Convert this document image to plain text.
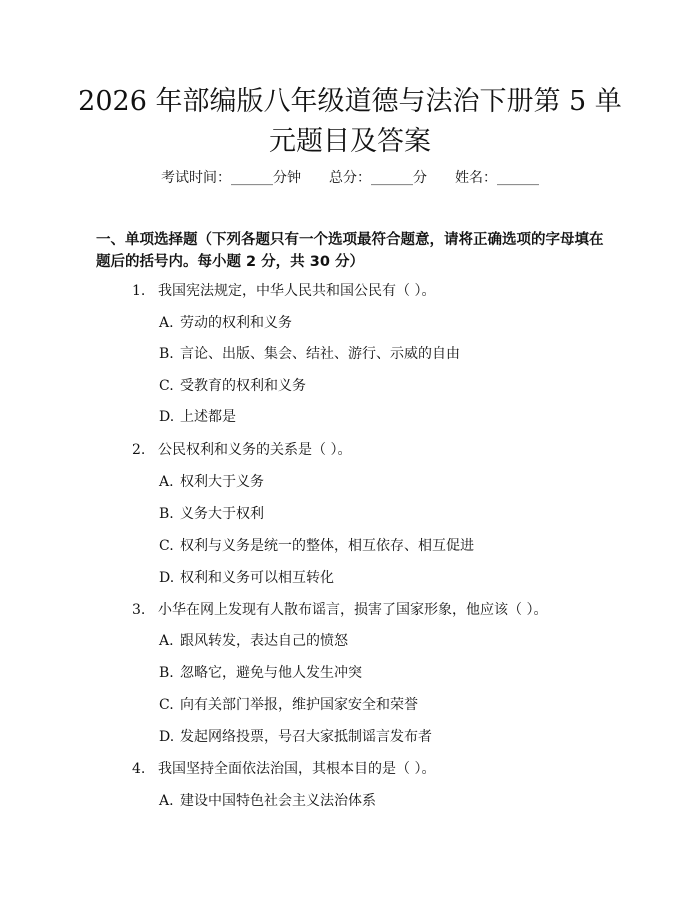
2026 年部编版八年级道德与法治下册第 5 单元题目及答案
考试时间：______分钟 总分：______分 姓名：______

一、单项选择题（下列各题只有一个选项最符合题意，请将正确选项的字母填在题后的括号内。每小题 2 分，共 30 分）

1. 我国宪法规定，中华人民共和国公民有（ ）。
A. 劳动的权利和义务
B. 言论、出版、集会、结社、游行、示威的自由
C. 受教育的权利和义务
D. 上述都是
2. 公民权利和义务的关系是（ ）。
A. 权利大于义务
B. 义务大于权利
C. 权利与义务是统一的整体，相互依存、相互促进
D. 权利和义务可以相互转化
3. 小华在网上发现有人散布谣言，损害了国家形象，他应该（ ）。
A. 跟风转发，表达自己的愤怒
B. 忽略它，避免与他人发生冲突
C. 向有关部门举报，维护国家安全和荣誉
D. 发起网络投票，号召大家抵制谣言发布者
4. 我国坚持全面依法治国，其根本目的是（ ）。
A. 建设中国特色社会主义法治体系
